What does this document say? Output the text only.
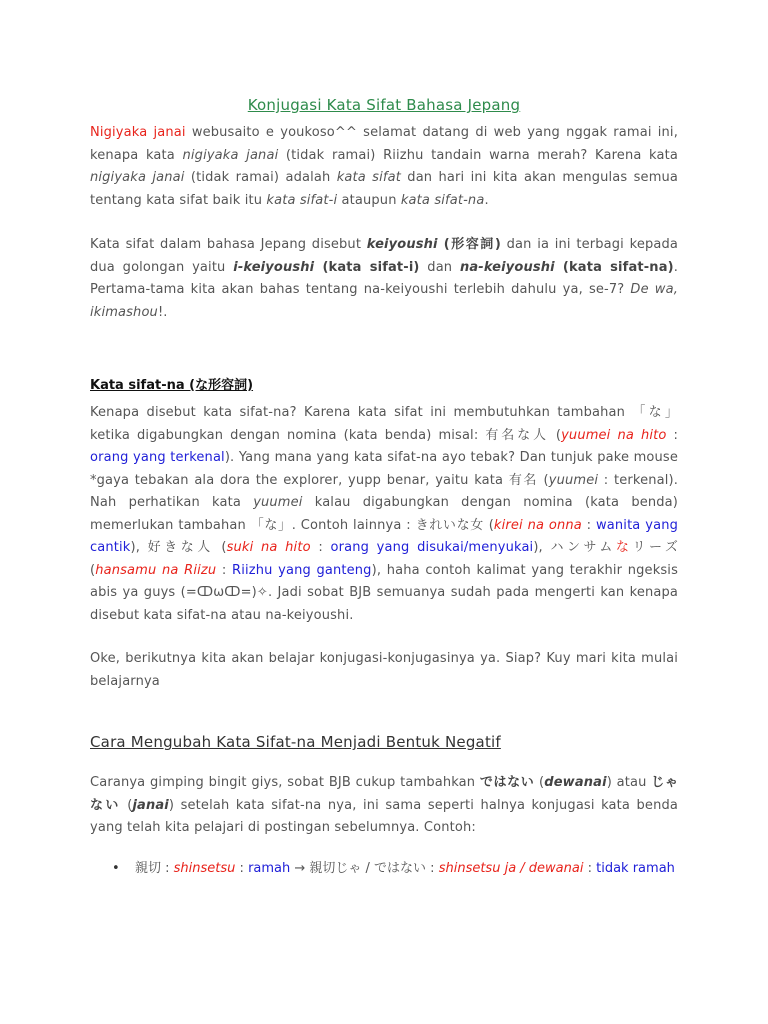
Konjugasi Kata Sifat Bahasa Jepang

Nigiyaka janai webusaito e youkoso^^ selamat datang di web yang nggak ramai ini, kenapa kata nigiyaka janai (tidak ramai) Riizhu tandain warna merah? Karena kata nigiyaka janai (tidak ramai) adalah kata sifat dan hari ini kita akan mengulas semua tentang kata sifat baik itu kata sifat-i ataupun kata sifat-na.

Kata sifat dalam bahasa Jepang disebut keiyoushi (形容詞) dan ia ini terbagi kepada dua golongan yaitu i-keiyoushi (kata sifat-i) dan na-keiyoushi (kata sifat-na). Pertama-tama kita akan bahas tentang na-keiyoushi terlebih dahulu ya, se-7? De wa, ikimashou!.

Kata sifat-na (な形容詞)

Kenapa disebut kata sifat-na? Karena kata sifat ini membutuhkan tambahan 「な」 ketika digabungkan dengan nomina (kata benda) misal: 有名な人 (yuumei na hito : orang yang terkenal). Yang mana yang kata sifat-na ayo tebak? Dan tunjuk pake mouse *gaya tebakan ala dora the explorer, yupp benar, yaitu kata 有名 (yuumei : terkenal). Nah perhatikan kata yuumei kalau digabungkan dengan nomina (kata benda) memerlukan tambahan 「な」. Contoh lainnya : きれいな女 (kirei na onna : wanita yang cantik), 好きな人 (suki na hito : orang yang disukai/menyukai), ハンサムなリーズ (hansamu na Riizu : Riizhu yang ganteng), haha contoh kalimat yang terakhir ngeksis abis ya guys (=ↀωↀ=)✧. Jadi sobat BJB semuanya sudah pada mengerti kan kenapa disebut kata sifat-na atau na-keiyoushi.

Oke, berikutnya kita akan belajar konjugasi-konjugasinya ya. Siap? Kuy mari kita mulai belajarnya

Cara Mengubah Kata Sifat-na Menjadi Bentuk Negatif

Caranya gimping bingit giys, sobat BJB cukup tambahkan ではない (dewanai) atau じゃない (janai) setelah kata sifat-na nya, ini sama seperti halnya konjugasi kata benda yang telah kita pelajari di postingan sebelumnya. Contoh:

• 親切 : shinsetsu : ramah → 親切じゃ / ではない : shinsetsu ja / dewanai : tidak ramah
